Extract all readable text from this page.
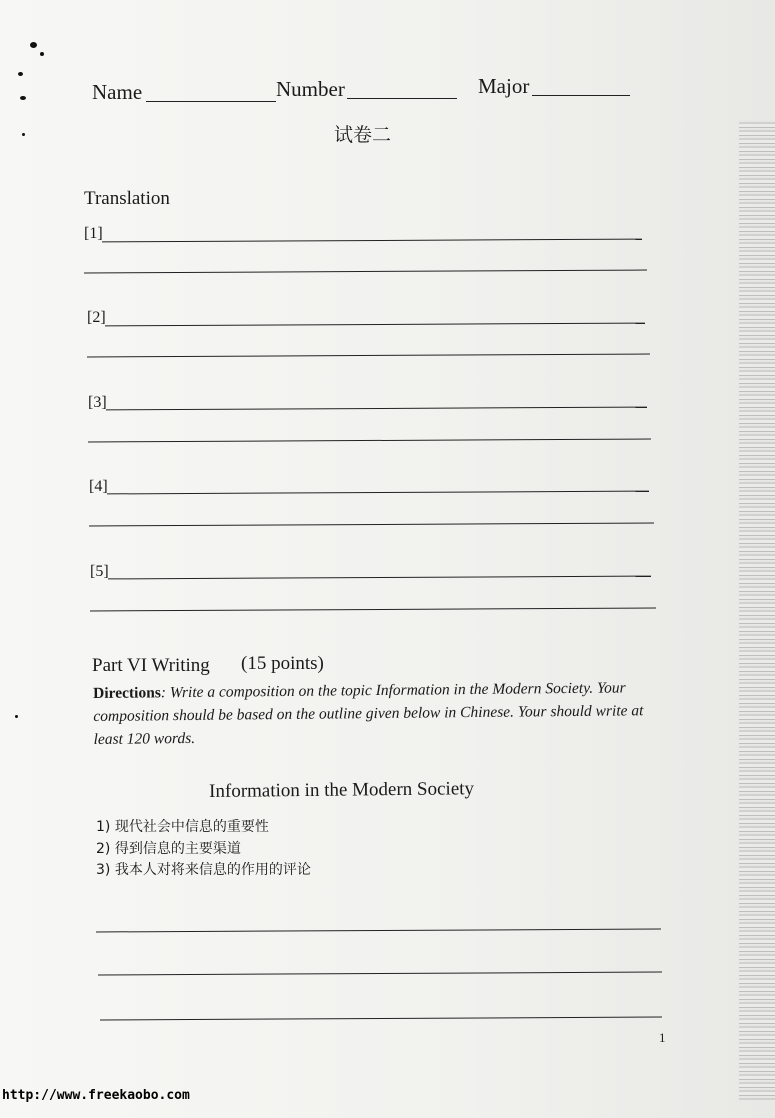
Name	Number	Major
试卷二
Translation
[1]
[2]
[3]
[4]
[5]
Part VI Writing (15 points)
Directions: Write a composition on the topic Information in the Modern Society. Your composition should be based on the outline given below in Chinese. Your should write at least 120 words.
Information in the Modern Society
1) 现代社会中信息的重要性
2) 得到信息的主要渠道
3) 我本人对将来信息的作用的评论
1
http://www.freekaobo.com
